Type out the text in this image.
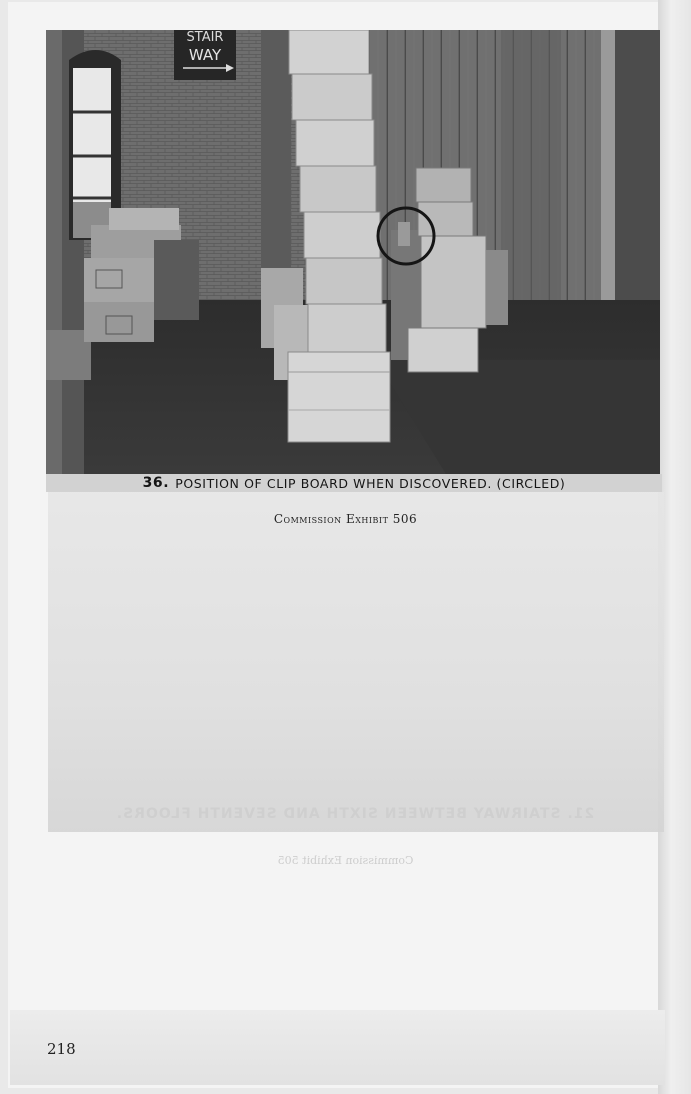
21. STAIRWAY BETWEEN SIXTH AND SEVENTH FLOORS.
Commission Exhibit 505
STAIR
WAY
36. POSITION OF CLIP BOARD WHEN DISCOVERED. (CIRCLED)
Commission Exhibit 506
218
